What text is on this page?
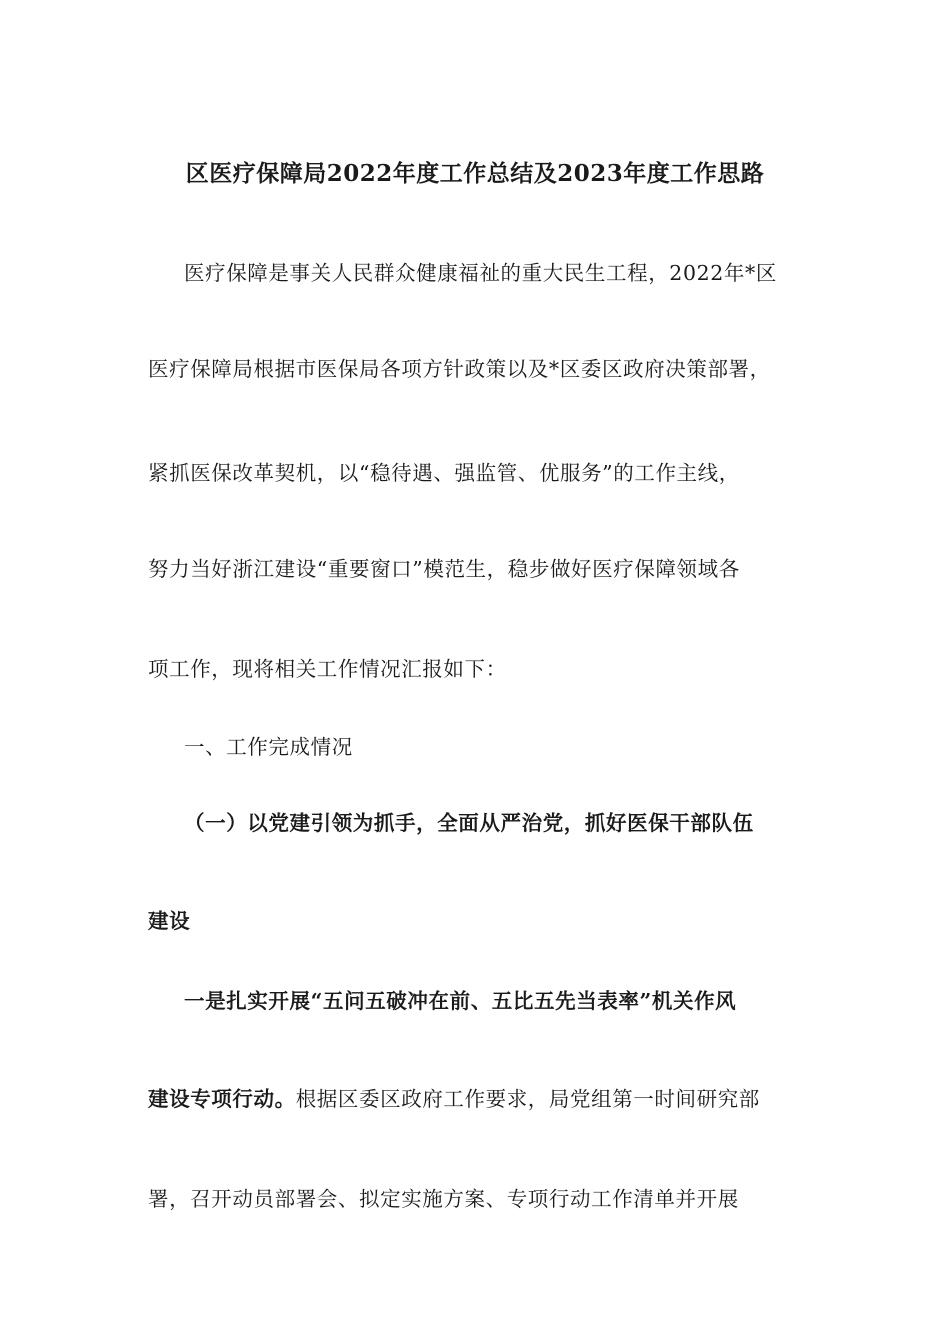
区医疗保障局2022年度工作总结及2023年度工作思路
医疗保障是事关人民群众健康福祉的重大民生工程，2022年*区
医疗保障局根据市医保局各项方针政策以及*区委区政府决策部署，
紧抓医保改革契机，以“稳待遇、强监管、优服务”的工作主线，
努力当好浙江建设“重要窗口”模范生，稳步做好医疗保障领域各
项工作，现将相关工作情况汇报如下：
一、工作完成情况
（一）以党建引领为抓手，全面从严治党，抓好医保干部队伍
建设
一是扎实开展“五问五破冲在前、五比五先当表率”机关作风
建设专项行动。根据区委区政府工作要求，局党组第一时间研究部
署，召开动员部署会、拟定实施方案、专项行动工作清单并开展
